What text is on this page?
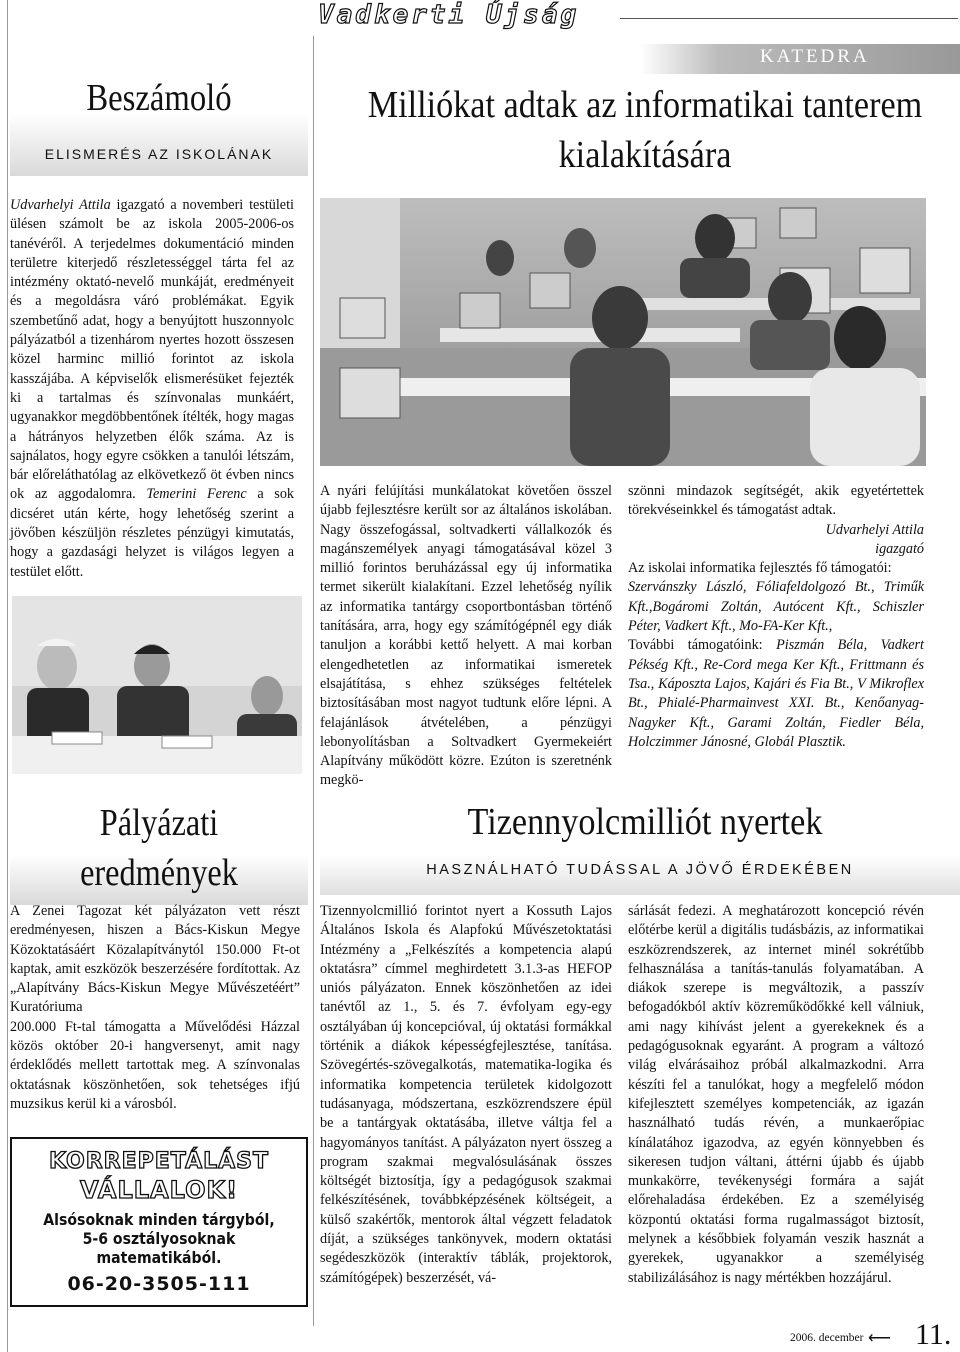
Vadkerti Újság
KATEDRA
Beszámoló
ELISMERÉS AZ ISKOLÁNAK
Milliókat adtak az informatikai tanterem kialakítására

Udvarhelyi Attila igazgató a novemberi testületi ülésen számolt be az iskola 2005-2006-os tanévéről. A terjedelmes dokumentáció minden területre kiterjedő részletességgel tárta fel az intézmény oktató-nevelő munkáját, eredményeit és a megoldásra váró problémákat. Egyik szembetűnő adat, hogy a benyújtott huszonnyolc pályázatból a tizenhárom nyertes hozott összesen közel harminc millió forintot az iskola kasszájába. A képviselők elismerésüket fejezték ki a tartalmas és színvonalas munkáért, ugyanakkor megdöbbentőnek ítélték, hogy magas a hátrányos helyzetben élők száma. Az is sajnálatos, hogy egyre csökken a tanulói létszám, bár előreláthatólag az elkövetkező öt évben nincs ok az aggodalomra. Temerini Ferenc a sok dicséret után kérte, hogy lehetőség szerint a jövőben készüljön részletes pénzügyi kimutatás, hogy a gazdasági helyzet is világos legyen a testület előtt.

Pályázati eredmények

A Zenei Tagozat két pályázaton vett részt eredményesen, hiszen a Bács-Kiskun Megye Közoktatásáért Közalapítványtól 150.000 Ft-ot kaptak, amit eszközök beszerzésére fordítottak. Az „Alapítvány Bács-Kiskun Megye Művészetéért” Kuratóriuma

200.000 Ft-tal támogatta a Művelődési Házzal közös október 20-i hangversenyt, amit nagy érdeklődés mellett tartottak meg. A színvonalas oktatásnak köszönhetően, sok tehetséges ifjú muzsikus kerül ki a városból.

KORREPETÁLÁST
VÁLLALOK!
Alsósoknak minden tárgyból,
5-6 osztályosoknak matematikából.
06-20-3505-111

A nyári felújítási munkálatokat követően összel újabb fejlesztésre került sor az általános iskolában. Nagy összefogással, soltvadkerti vállalkozók és magánszemélyek anyagi támogatásával közel 3 millió forintos beruházással egy új informatika termet sikerült kialakítani. Ezzel lehetőség nyílik az informatika tantárgy csoportbontásban történő tanítására, arra, hogy egy számítógépnél egy diák tanuljon a korábbi kettő helyett. A mai korban elengedhetetlen az informatikai ismeretek elsajátítása, s ehhez szükséges feltételek biztosításában most nagyot tudtunk előre lépni. A felajánlások átvételében, a pénzügyi lebonyolításban a Soltvadkert Gyermekeiért Alapítvány működött közre. Ezúton is szeretnénk megkö-

szönni mindazok segítségét, akik egyetértettek törekvéseinkkel és támogatást adtak.

Udvarhelyi Attila

igazgató

Az iskolai informatika fejlesztés fő támogatói:

Szervánszky László, Fóliafeldolgozó Bt., Triműk Kft.,Bogáromi Zoltán, Autócent Kft., Schiszler Péter, Vadkert Kft., Mo-FA-Ker Kft.,

További támogatóink: Piszmán Béla, Vadkert Pékség Kft., Re-Cord mega Ker Kft., Frittmann és Tsa., Káposzta Lajos, Kajári és Fia Bt., V Mikroflex Bt., Phialé-Pharmainvest XXI. Bt., Kenőanyag-Nagyker Kft., Garami Zoltán, Fiedler Béla, Holczimmer Jánosné, Globál Plasztik.

Tizennyolcmilliót nyertek
HASZNÁLHATÓ TUDÁSSAL A JÖVŐ ÉRDEKÉBEN

Tizennyolcmillió forintot nyert a Kossuth Lajos Általános Iskola és Alapfokú Művészetoktatási Intézmény a „Felkészítés a kompetencia alapú oktatásra” címmel meghirdetett 3.1.3-as HEFOP uniós pályázaton. Ennek köszönhetően az idei tanévtől az 1., 5. és 7. évfolyam egy-egy osztályában új koncepcióval, új oktatási formákkal történik a diákok képességfejlesztése, tanítása. Szövegértés-szövegalkotás, matematika-logika és informatika kompetencia területek kidolgozott tudásanyaga, módszertana, eszközrendszere épül be a tantárgyak oktatásába, illetve váltja fel a hagyományos tanítást. A pályázaton nyert összeg a program szakmai megvalósulásának összes költségét biztosítja, így a pedagógusok szakmai felkészítésének, továbbképzésének költségeit, a külső szakértők, mentorok által végzett feladatok díját, a szükséges tankönyvek, modern oktatási segédeszközök (interaktív táblák, projektorok, számítógépek) beszerzését, vá-

sárlását fedezi. A meghatározott koncepció révén előtérbe kerül a digitális tudásbázis, az informatikai eszközrendszerek, az internet minél sokrétűbb felhasználása a tanítás-tanulás folyamatában. A diákok szerepe is megváltozik, a passzív befogadókból aktív közreműködőkké kell válniuk, ami nagy kihívást jelent a gyerekeknek és a pedagógusoknak egyaránt. A program a változó világ elvárásaihoz próbál alkalmazkodni. Arra készíti fel a tanulókat, hogy a megfelelő módon kifejlesztett személyes kompetenciák, az igazán használható tudás révén, a munkaerőpiac kínálatához igazodva, az egyén könnyebben és sikeresen tudjon váltani, áttérni újabb és újabb munkakörre, tevékenységi formára a saját előrehaladása érdekében. Ez a személyiség központú oktatási forma rugalmasságot biztosít, melynek a későbbiek folyamán veszik hasznát a gyerekek, ugyanakkor a személyiség stabilizálásához is nagy mértékben hozzájárul.

2006. december ⟵ 11.
